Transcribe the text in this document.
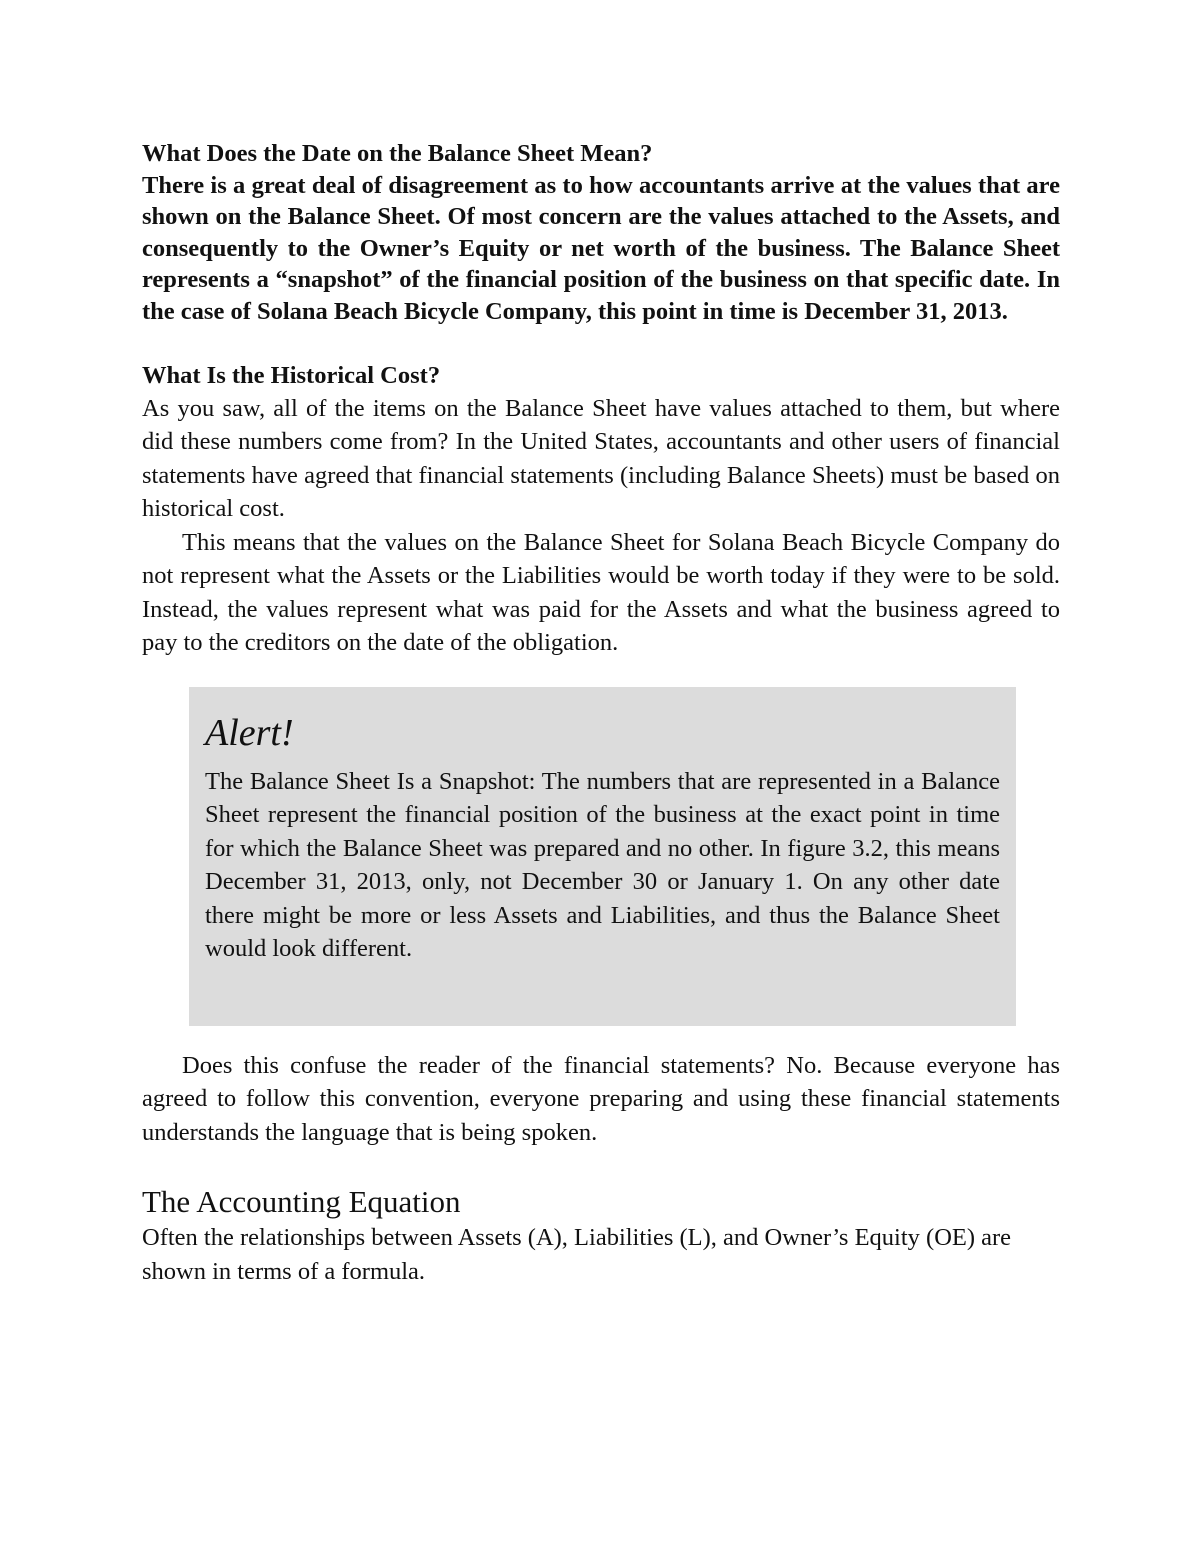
What Does the Date on the Balance Sheet Mean?

There is a great deal of disagreement as to how accountants arrive at the values that are shown on the Balance Sheet. Of most concern are the values attached to the Assets, and consequently to the Owner’s Equity or net worth of the business. The Balance Sheet represents a “snapshot” of the financial position of the business on that specific date. In the case of Solana Beach Bicycle Company, this point in time is December 31, 2013.

What Is the Historical Cost?

As you saw, all of the items on the Balance Sheet have values attached to them, but where did these numbers come from? In the United States, accountants and other users of financial statements have agreed that financial statements (including Balance Sheets) must be based on historical cost.

This means that the values on the Balance Sheet for Solana Beach Bicycle Company do not represent what the Assets or the Liabilities would be worth today if they were to be sold. Instead, the values represent what was paid for the Assets and what the business agreed to pay to the creditors on the date of the obligation.

Alert!

The Balance Sheet Is a Snapshot: The numbers that are represented in a Balance Sheet represent the financial position of the business at the exact point in time for which the Balance Sheet was prepared and no other. In figure 3.2, this means December 31, 2013, only, not December 30 or January 1. On any other date there might be more or less Assets and Liabilities, and thus the Balance Sheet would look different.

Does this confuse the reader of the financial statements? No. Because everyone has agreed to follow this convention, everyone preparing and using these financial statements understands the language that is being spoken.

The Accounting Equation

Often the relationships between Assets (A), Liabilities (L), and Owner’s Equity (OE) are shown in terms of a formula.
